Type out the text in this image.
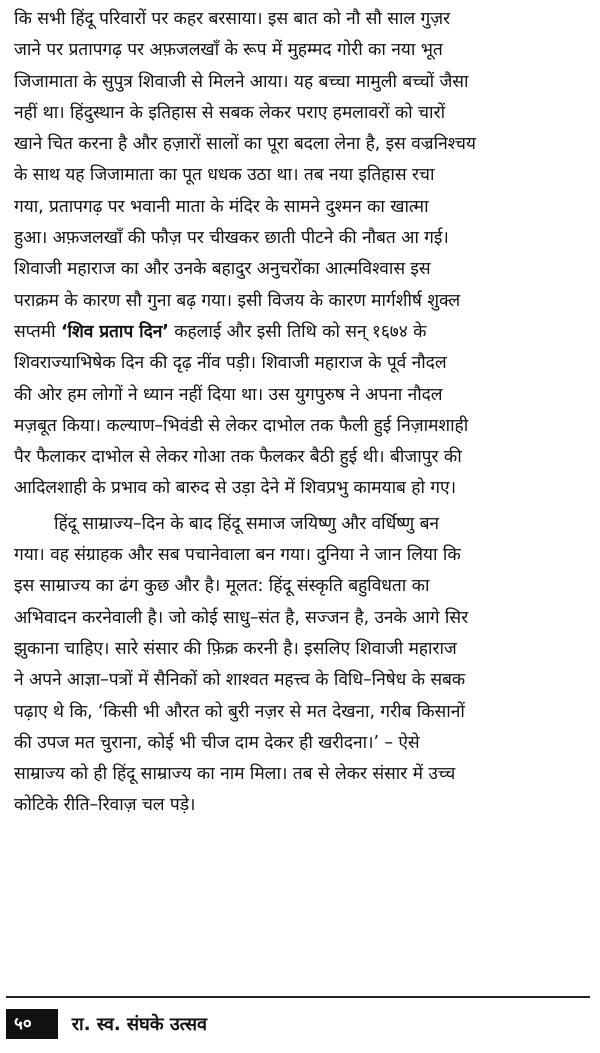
कि सभी हिंदू परिवारों पर कहर बरसाया। इस बात को नौ सौ साल गुज़र
जाने पर प्रतापगढ़ पर अफ़जलखाँ के रूप में मुहम्मद गोरी का नया भूत
जिजामाता के सुपुत्र शिवाजी से मिलने आया। यह बच्चा मामुली बच्चों जैसा
नहीं था। हिंदुस्थान के इतिहास से सबक लेकर पराए हमलावरों को चारों
खाने चित करना है और हज़ारों सालों का पूरा बदला लेना है, इस वज्रनिश्चय
के साथ यह जिजामाता का पूत धधक उठा था। तब नया इतिहास रचा
गया, प्रतापगढ़ पर भवानी माता के मंदिर के सामने दुश्मन का खात्मा
हुआ। अफ़जलखाँ की फौज़ पर चीखकर छाती पीटने की नौबत आ गई।
शिवाजी महाराज का और उनके बहादुर अनुचरोंका आत्मविश्वास इस
पराक्रम के कारण सौ गुना बढ़ गया। इसी विजय के कारण मार्गशीर्ष शुक्ल
सप्तमी ‘शिव प्रताप दिन’ कहलाई और इसी तिथि को सन् १६७४ के
शिवराज्याभिषेक दिन की दृढ़ नींव पड़ी। शिवाजी महाराज के पूर्व नौदल
की ओर हम लोगों ने ध्यान नहीं दिया था। उस युगपुरुष ने अपना नौदल
मज़बूत किया। कल्याण–भिवंडी से लेकर दाभोल तक फैली हुई निज़ामशाही
पैर फैलाकर दाभोल से लेकर गोआ तक फैलकर बैठी हुई थी। बीजापुर की
आदिलशाही के प्रभाव को बारुद से उड़ा देने में शिवप्रभु कामयाब हो गए।
हिंदू साम्राज्य–दिन के बाद हिंदू समाज जयिष्णु और वर्धिष्णु बन
गया। वह संग्राहक और सब पचानेवाला बन गया। दुनिया ने जान लिया कि
इस साम्राज्य का ढंग कुछ और है। मूलत: हिंदू संस्कृति बहुविधता का
अभिवादन करनेवाली है। जो कोई साधु–संत है, सज्जन है, उनके आगे सिर
झुकाना चाहिए। सारे संसार की फ़िक्र करनी है। इसलिए शिवाजी महाराज
ने अपने आज्ञा–पत्रों में सैनिकों को शाश्वत महत्त्व के विधि–निषेध के सबक
पढ़ाए थे कि, ‘किसी भी औरत को बुरी नज़र से मत देखना, गरीब किसानों
की उपज मत चुराना, कोई भी चीज दाम देकर ही खरीदना।’ – ऐसे
साम्राज्य को ही हिंदू साम्राज्य का नाम मिला। तब से लेकर संसार में उच्च
कोटिके रीति–रिवाज़ चल पड़े।
५०	रा. स्व. संघके उत्सव
